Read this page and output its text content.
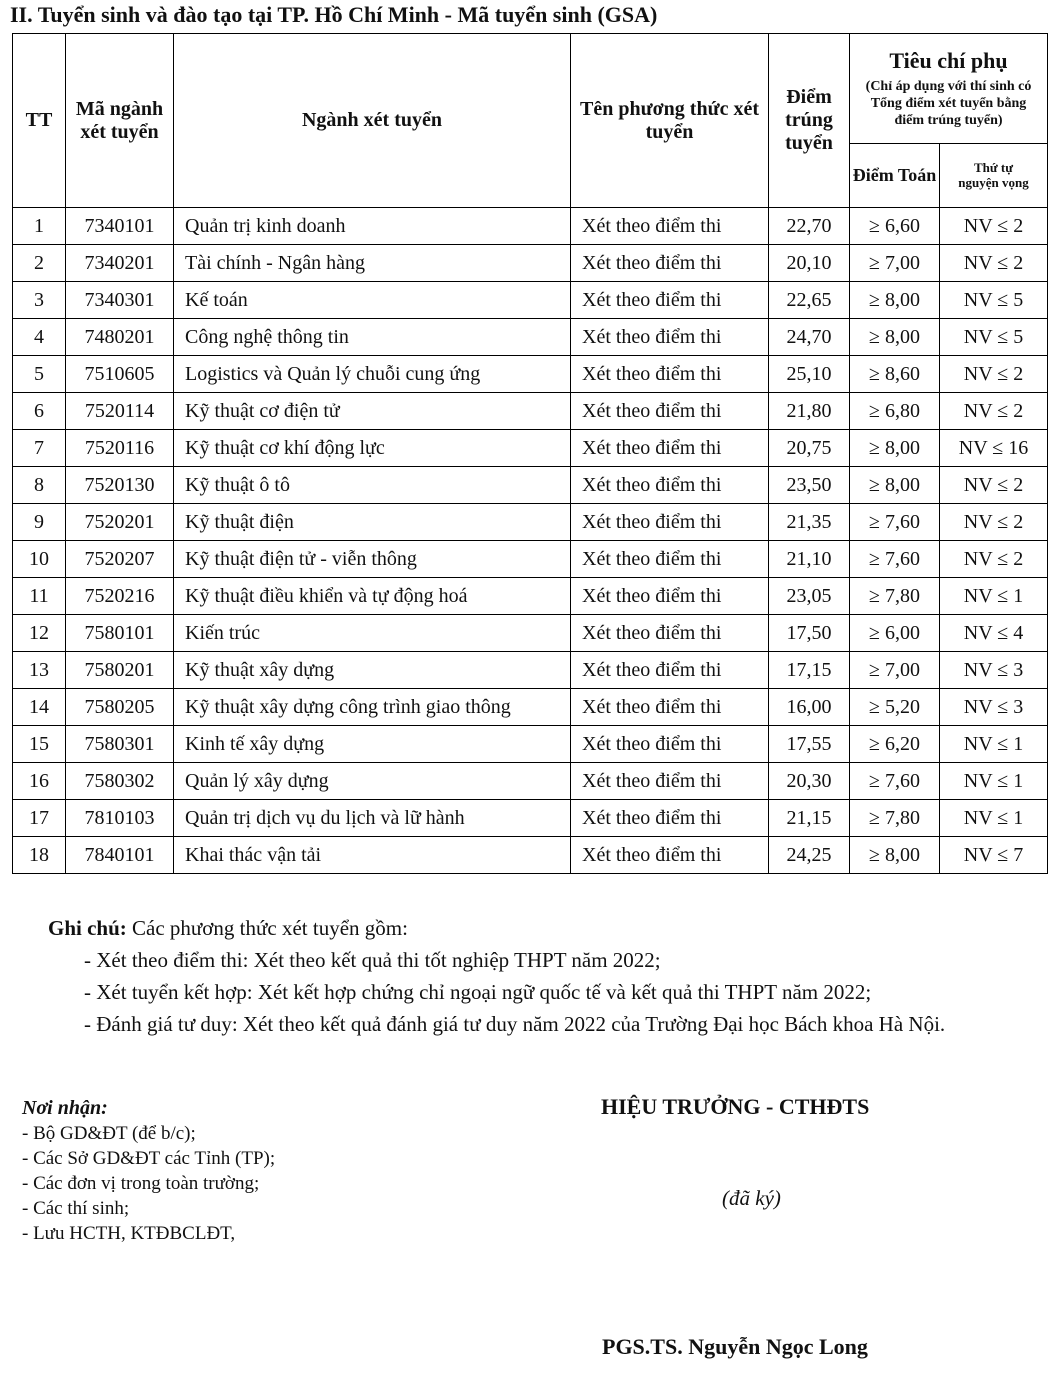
II. Tuyển sinh và đào tạo tại TP. Hồ Chí Minh - Mã tuyển sinh (GSA)
TT	Mã ngành xét tuyển	Ngành xét tuyển	Tên phương thức xét tuyển	Điểm trúng tuyển	Tiêu chí phụ
(Chỉ áp dụng với thí sinh có Tổng điểm xét tuyển bằng điểm trúng tuyển)	

					Điểm Toán	Thứ tự nguyện vọng
1	7340101	Quản trị kinh doanh	Xét theo điểm thi	22,70	≥ 6,60	NV ≤ 2
2	7340201	Tài chính - Ngân hàng	Xét theo điểm thi	20,10	≥ 7,00	NV ≤ 2
3	7340301	Kế toán	Xét theo điểm thi	22,65	≥ 8,00	NV ≤ 5
4	7480201	Công nghệ thông tin	Xét theo điểm thi	24,70	≥ 8,00	NV ≤ 5
5	7510605	Logistics và Quản lý chuỗi cung ứng	Xét theo điểm thi	25,10	≥ 8,60	NV ≤ 2
6	7520114	Kỹ thuật cơ điện tử	Xét theo điểm thi	21,80	≥ 6,80	NV ≤ 2
7	7520116	Kỹ thuật cơ khí động lực	Xét theo điểm thi	20,75	≥ 8,00	NV ≤ 16
8	7520130	Kỹ thuật ô tô	Xét theo điểm thi	23,50	≥ 8,00	NV ≤ 2
9	7520201	Kỹ thuật điện	Xét theo điểm thi	21,35	≥ 7,60	NV ≤ 2
10	7520207	Kỹ thuật điện tử - viễn thông	Xét theo điểm thi	21,10	≥ 7,60	NV ≤ 2
11	7520216	Kỹ thuật điều khiển và tự động hoá	Xét theo điểm thi	23,05	≥ 7,80	NV ≤ 1
12	7580101	Kiến trúc	Xét theo điểm thi	17,50	≥ 6,00	NV ≤ 4
13	7580201	Kỹ thuật xây dựng	Xét theo điểm thi	17,15	≥ 7,00	NV ≤ 3
14	7580205	Kỹ thuật xây dựng công trình giao thông	Xét theo điểm thi	16,00	≥ 5,20	NV ≤ 3
15	7580301	Kinh tế xây dựng	Xét theo điểm thi	17,55	≥ 6,20	NV ≤ 1
16	7580302	Quản lý xây dựng	Xét theo điểm thi	20,30	≥ 7,60	NV ≤ 1
17	7810103	Quản trị dịch vụ du lịch và lữ hành	Xét theo điểm thi	21,15	≥ 7,80	NV ≤ 1
18	7840101	Khai thác vận tải	Xét theo điểm thi	24,25	≥ 8,00	NV ≤ 7
Ghi chú: Các phương thức xét tuyển gồm:
- Xét theo điểm thi: Xét theo kết quả thi tốt nghiệp THPT năm 2022;
- Xét tuyển kết hợp: Xét kết hợp chứng chỉ ngoại ngữ quốc tế và kết quả thi THPT năm 2022;
- Đánh giá tư duy: Xét theo kết quả đánh giá tư duy năm 2022 của Trường Đại học Bách khoa Hà Nội.
Nơi nhận:
- Bộ GD&ĐT (để b/c);
- Các Sở GD&ĐT các Tỉnh (TP);
- Các đơn vị trong toàn trường;
- Các thí sinh;
- Lưu HCTH, KTĐBCLĐT,
HIỆU TRƯỞNG - CTHĐTS
(đã ký)
PGS.TS. Nguyễn Ngọc Long
